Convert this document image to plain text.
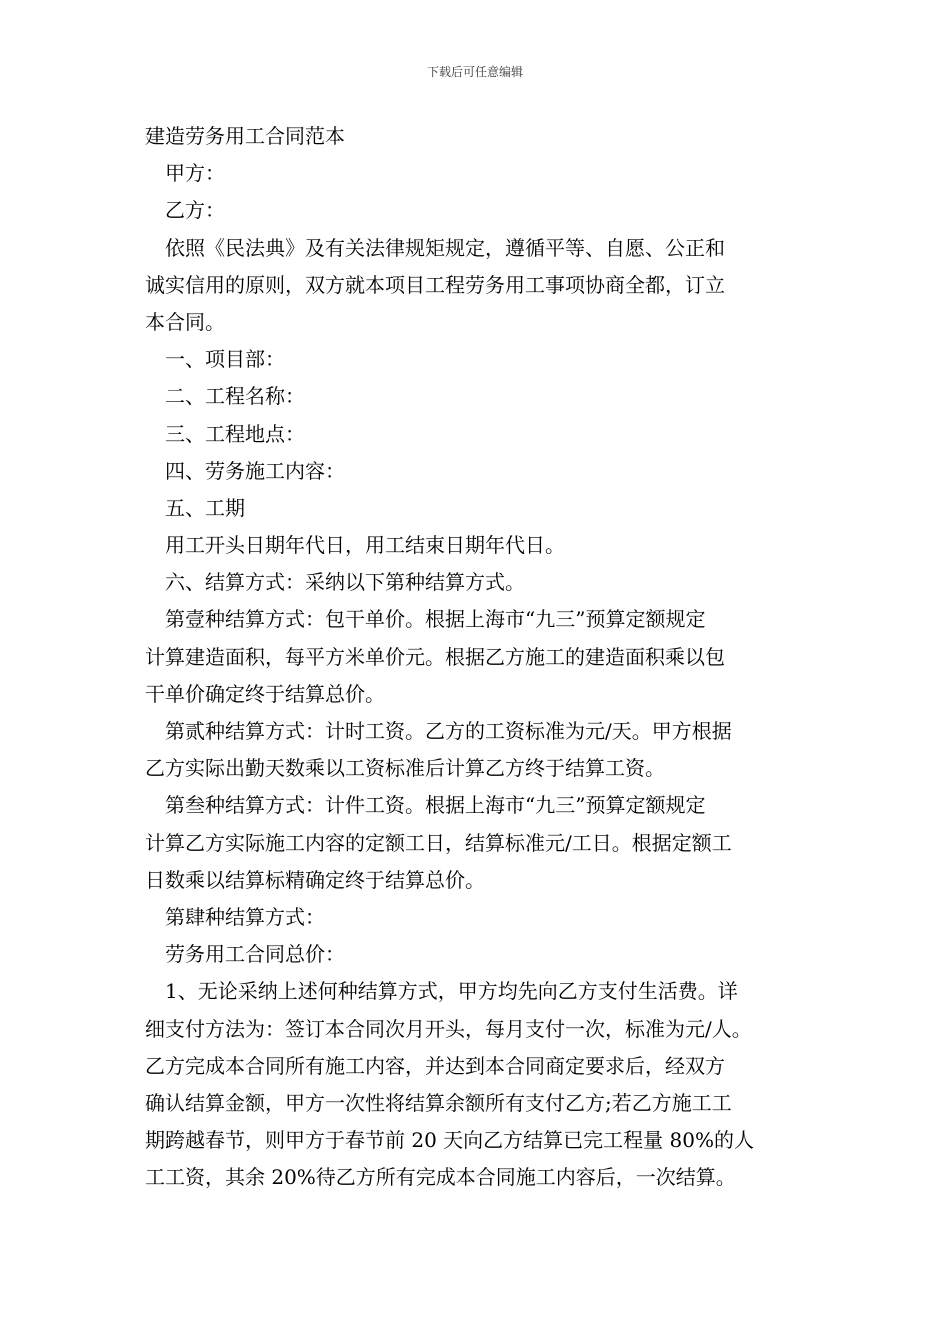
下载后可任意编辑
建造劳务用工合同范本
甲方：
乙方：
依照《民法典》及有关法律规矩规定，遵循平等、自愿、公正和
诚实信用的原则，双方就本项目工程劳务用工事项协商全都，订立
本合同。
一、项目部：
二、工程名称：
三、工程地点：
四、劳务施工内容：
五、工期
用工开头日期年代日，用工结束日期年代日。
六、结算方式：采纳以下第种结算方式。
第壹种结算方式：包干单价。根据上海市“九三”预算定额规定
计算建造面积，每平方米单价元。根据乙方施工的建造面积乘以包
干单价确定终于结算总价。
第贰种结算方式：计时工资。乙方的工资标准为元/天。甲方根据
乙方实际出勤天数乘以工资标准后计算乙方终于结算工资。
第叁种结算方式：计件工资。根据上海市“九三”预算定额规定
计算乙方实际施工内容的定额工日，结算标准元/工日。根据定额工
日数乘以结算标精确定终于结算总价。
第肆种结算方式：
劳务用工合同总价：
1、无论采纳上述何种结算方式，甲方均先向乙方支付生活费。详
细支付方法为：签订本合同次月开头，每月支付一次，标准为元/人。
乙方完成本合同所有施工内容，并达到本合同商定要求后，经双方
确认结算金额，甲方一次性将结算余额所有支付乙方;若乙方施工工
期跨越春节，则甲方于春节前 20 天向乙方结算已完工程量 80%的人
工工资，其余 20%待乙方所有完成本合同施工内容后，一次结算。
